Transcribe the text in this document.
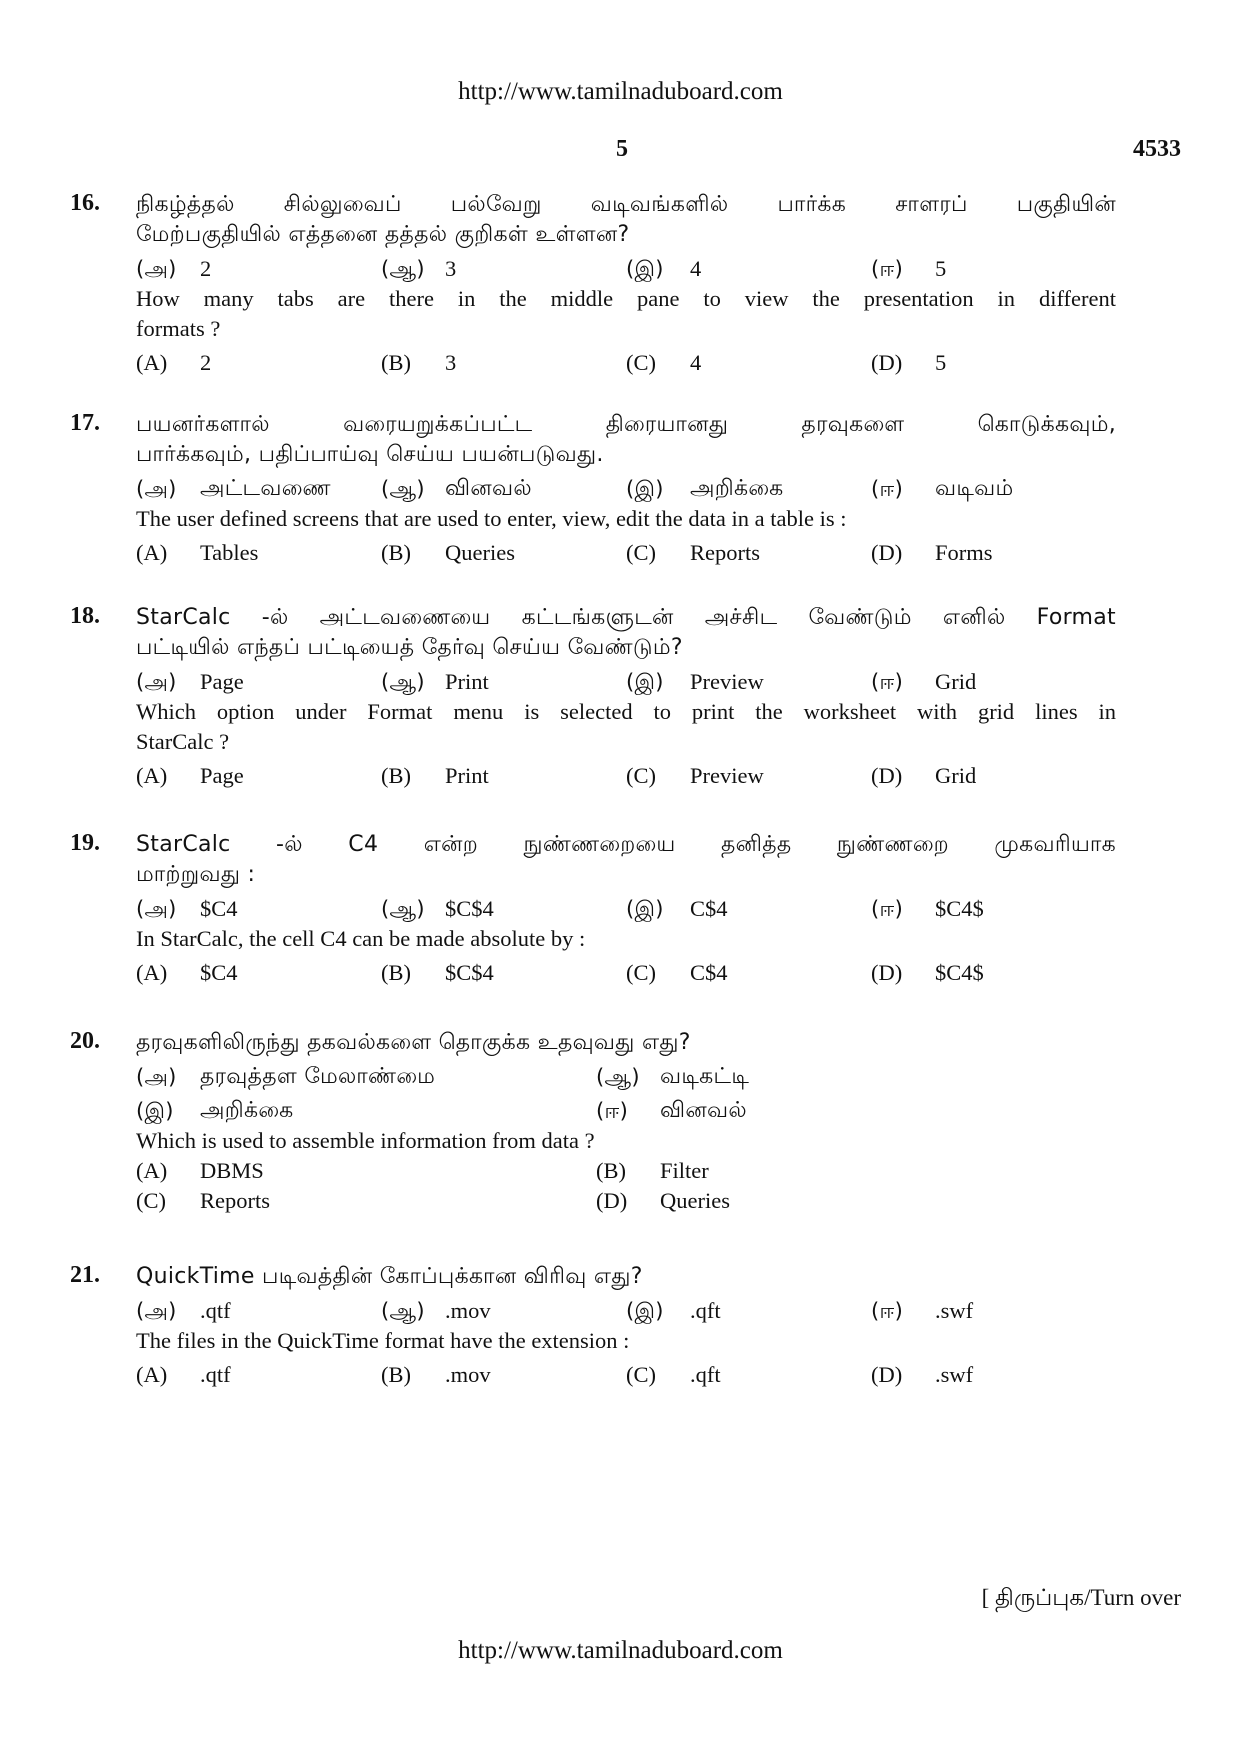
http://www.tamilnaduboard.com
5	4533
16. நிகழ்த்தல் சில்லுவைப் பல்வேறு வடிவங்களில் பார்க்க சாளரப் பகுதியின்
மேற்பகுதியில் எத்தனை தத்தல் குறிகள் உள்ளன?
(அ)	2	(ஆ) 3	(இ)	4	(ஈ)	5
How many tabs are there in the middle pane to view the presentation in different
formats ?
(A)	2	(B)	3	(C)	4	(D)	5
17. பயனர்களால் வரையறுக்கப்பட்ட திரையானது தரவுகளை கொடுக்கவும்,
பார்க்கவும், பதிப்பாய்வு செய்ய பயன்படுவது.
(அ)	அட்டவணை (ஆ) வினவல்	(இ)	அறிக்கை	(ஈ)	வடிவம்
The user defined screens that are used to enter, view, edit the data in a table is :
(A)	Tables	(B)	Queries	(C)	Reports	(D)	Forms
18. StarCalc -ல் அட்டவணையை கட்டங்களுடன் அச்சிட வேண்டும் எனில் Format
பட்டியில் எந்தப் பட்டியைத் தேர்வு செய்ய வேண்டும்?
(அ)	Page	(ஆ) Print	(இ)	Preview	(ஈ)	Grid
Which option under Format menu is selected to print the worksheet with grid lines in
StarCalc ?
(A)	Page	(B)	Print	(C)	Preview	(D)	Grid
19. StarCalc -ல் C4 என்ற நுண்ணறையை தனித்த நுண்ணறை முகவரியாக
மாற்றுவது :
(அ)	$C4	(ஆ) $C$4	(இ)	C$4	(ஈ)	$C4$
In StarCalc, the cell C4 can be made absolute by :
(A)	$C4	(B)	$C$4	(C)	C$4	(D)	$C4$
20. தரவுகளிலிருந்து தகவல்களை தொகுக்க உதவுவது எது?
(அ)	தரவுத்தள மேலாண்மை	(ஆ) வடிகட்டி
(இ)	அறிக்கை	(ஈ)	வினவல்
Which is used to assemble information from data ?
(A)	DBMS	(B)	Filter
(C)	Reports	(D)	Queries
21. QuickTime படிவத்தின் கோப்புக்கான விரிவு எது?
(அ)	.qtf	(ஆ) .mov	(இ)	.qft	(ஈ)	.swf
The files in the QuickTime format have the extension :
(A)	.qtf	(B)	.mov	(C)	.qft	(D)	.swf
[ திருப்புக/Turn over
http://www.tamilnaduboard.com
